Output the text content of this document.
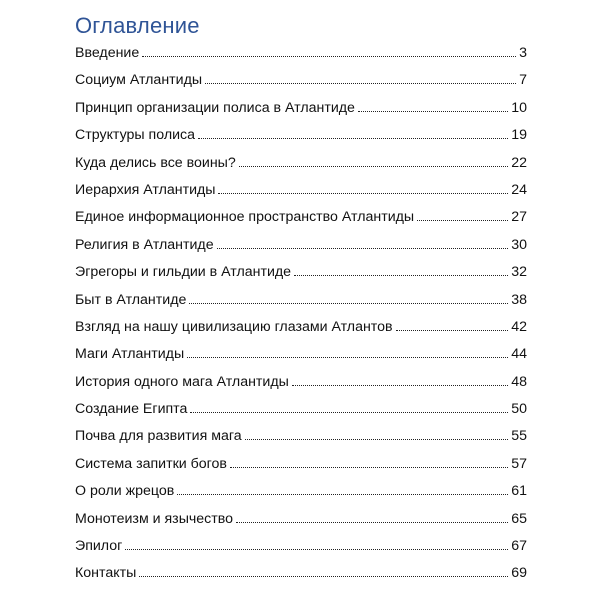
Оглавление
Введение	3
Социум Атлантиды	7
Принцип организации полиса в Атлантиде	10
Структуры полиса	19
Куда делись все воины?	22
Иерархия Атлантиды	24
Единое информационное пространство Атлантиды	27
Религия в Атлантиде	30
Эгрегоры и гильдии в Атлантиде	32
Быт в Атлантиде	38
Взгляд на нашу цивилизацию глазами Атлантов	42
Маги Атлантиды	44
История одного мага Атлантиды	48
Создание Египта	50
Почва для развития мага	55
Система запитки богов	57
О роли жрецов	61
Монотеизм и язычество	65
Эпилог	67
Контакты	69
